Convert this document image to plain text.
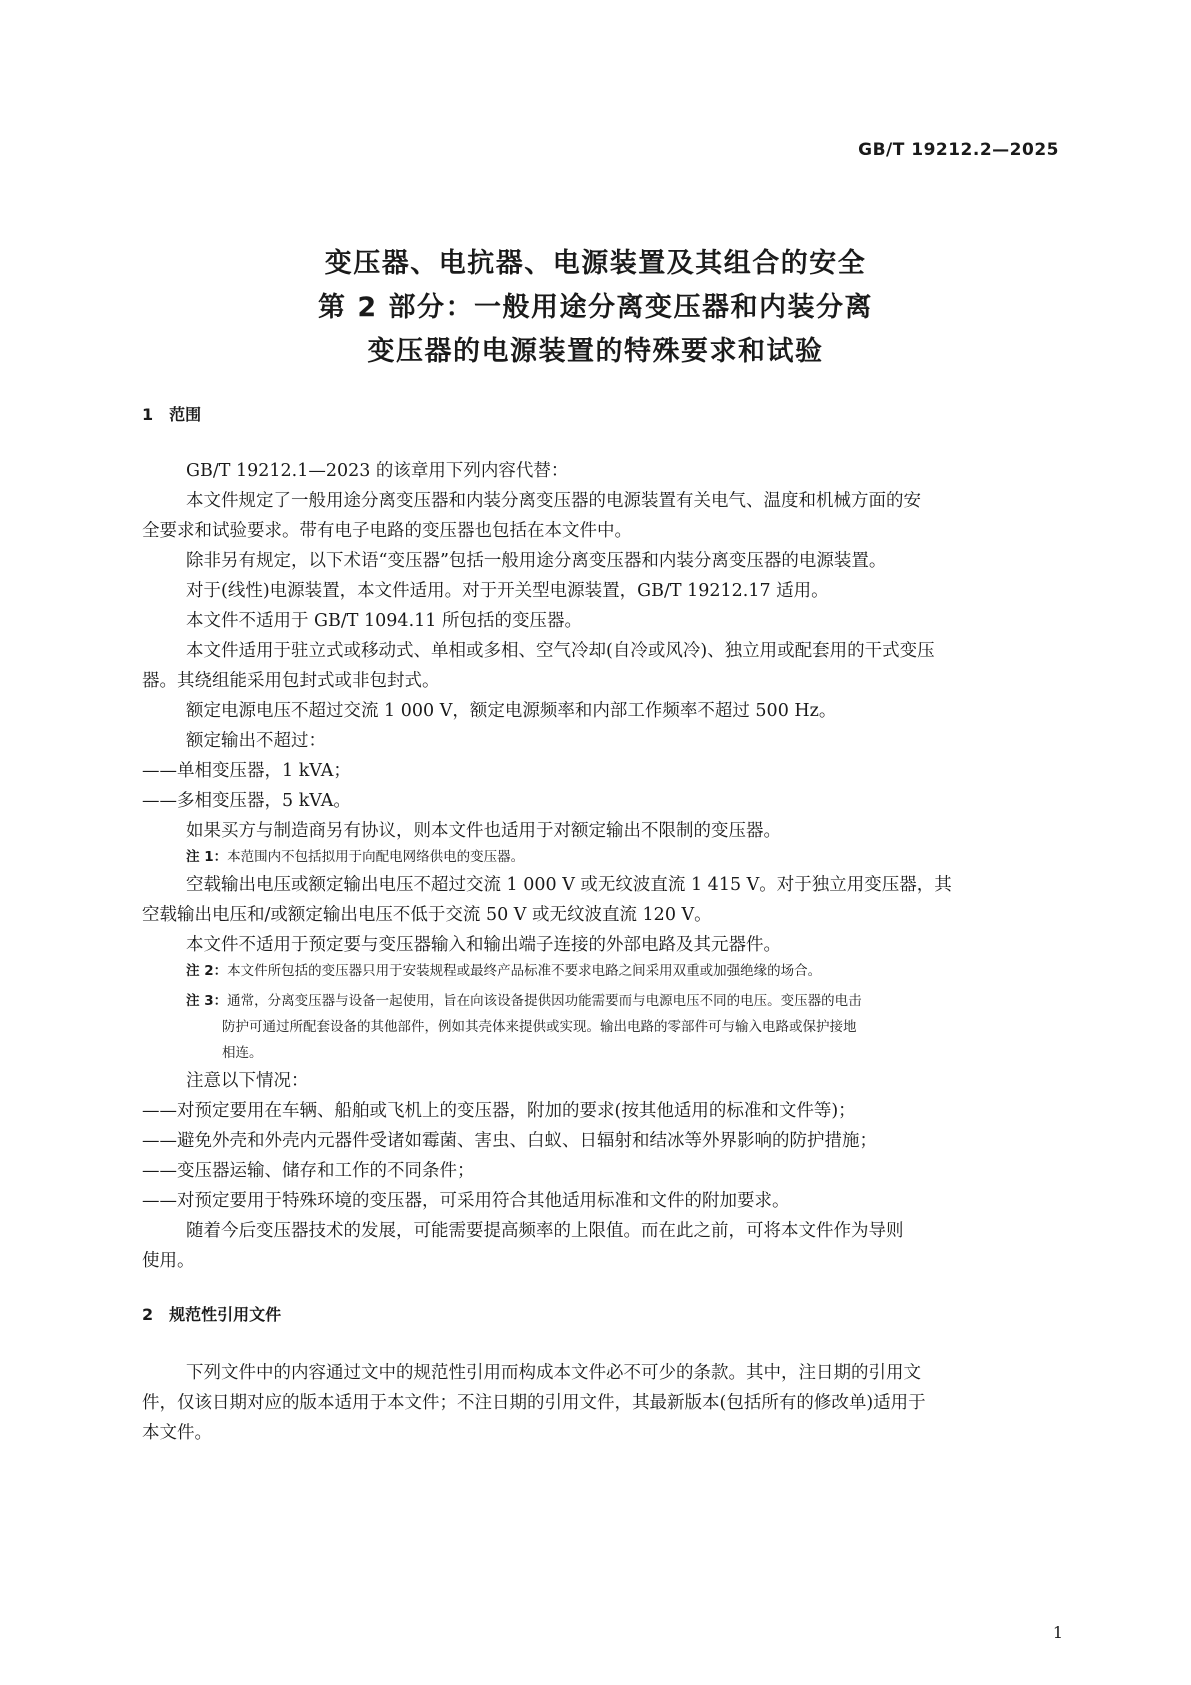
GB/T 19212.2—2025
变压器、电抗器、电源装置及其组合的安全
第 2 部分：一般用途分离变压器和内装分离
变压器的电源装置的特殊要求和试验
1　范围
GB/T 19212.1—2023 的该章用下列内容代替：
本文件规定了一般用途分离变压器和内装分离变压器的电源装置有关电气、温度和机械方面的安
全要求和试验要求。带有电子电路的变压器也包括在本文件中。
除非另有规定，以下术语“变压器”包括一般用途分离变压器和内装分离变压器的电源装置。
对于(线性)电源装置，本文件适用。对于开关型电源装置，GB/T 19212.17 适用。
本文件不适用于 GB/T 1094.11 所包括的变压器。
本文件适用于驻立式或移动式、单相或多相、空气冷却(自冷或风冷)、独立用或配套用的干式变压
器。其绕组能采用包封式或非包封式。
额定电源电压不超过交流 1 000 V，额定电源频率和内部工作频率不超过 500 Hz。
额定输出不超过：
——单相变压器，1 kVA；
——多相变压器，5 kVA。
如果买方与制造商另有协议，则本文件也适用于对额定输出不限制的变压器。
注 1：本范围内不包括拟用于向配电网络供电的变压器。
空载输出电压或额定输出电压不超过交流 1 000 V 或无纹波直流 1 415 V。对于独立用变压器，其
空载输出电压和/或额定输出电压不低于交流 50 V 或无纹波直流 120 V。
本文件不适用于预定要与变压器输入和输出端子连接的外部电路及其元器件。
注 2：本文件所包括的变压器只用于安装规程或最终产品标准不要求电路之间采用双重或加强绝缘的场合。
注 3：通常，分离变压器与设备一起使用，旨在向该设备提供因功能需要而与电源电压不同的电压。变压器的电击
防护可通过所配套设备的其他部件，例如其壳体来提供或实现。输出电路的零部件可与输入电路或保护接地
相连。
注意以下情况：
——对预定要用在车辆、船舶或飞机上的变压器，附加的要求(按其他适用的标准和文件等)；
——避免外壳和外壳内元器件受诸如霉菌、害虫、白蚁、日辐射和结冰等外界影响的防护措施；
——变压器运输、储存和工作的不同条件；
——对预定要用于特殊环境的变压器，可采用符合其他适用标准和文件的附加要求。
随着今后变压器技术的发展，可能需要提高频率的上限值。而在此之前，可将本文件作为导则
使用。
2　规范性引用文件
下列文件中的内容通过文中的规范性引用而构成本文件必不可少的条款。其中，注日期的引用文
件，仅该日期对应的版本适用于本文件；不注日期的引用文件，其最新版本(包括所有的修改单)适用于
本文件。
1
